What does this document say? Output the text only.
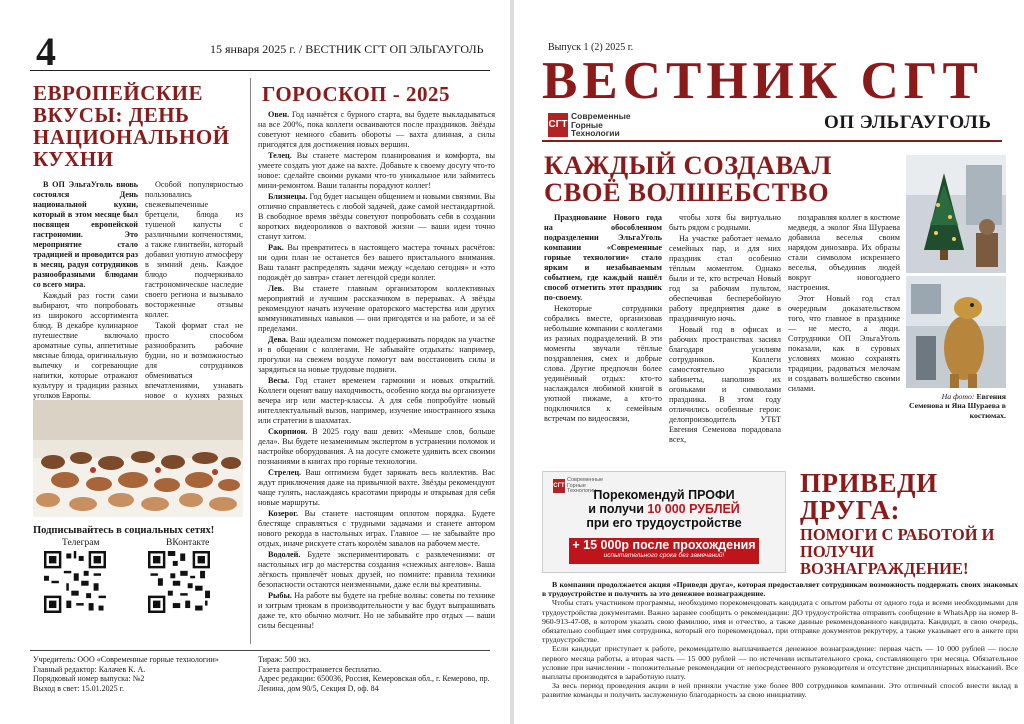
4	15 января 2025 г. / ВЕСТНИК СГТ ОП ЭЛЬГАУГОЛЬ
ЕВРОПЕЙСКИЕ ВКУСЫ: ДЕНЬ НАЦИОНАЛЬНОЙ КУХНИ

В ОП ЭльгаУголь вновь состоялся День национальной кухни, который в этом месяце был посвящен европейской гастрономии. Это мероприятие стало традицией и проводится раз в месяц, радуя сотрудников разнообразными блюдами со всего мира.

Каждый раз гости сами выбирают, что попробовать из широкого ассортимента блюд. В декабре кулинарное путешествие включало ароматные супы, аппетитные мясные блюда, оригинальную выпечку и согревающие напитки, которые отражают культуру и традиции разных уголков Европы.

Особой популярностью пользовались свежевыпеченные бретцели, блюда из тушеной капусты с различными копченостями, а также глинтвейн, который добавил уютную атмосферу в зимний день. Каждое блюдо подчеркивало гастрономическое наследие своего региона и вызывало восторженные отзывы коллег.

Такой формат стал не просто способом разнообразить рабочие будни, но и возможностью для сотрудников обмениваться впечатлениями, узнавать новое о кухнях разных

Подписывайтесь в социальных сетях!
Телеграм	ВКонтакте
ГОРОСКОП - 2025

Овен. Год начнётся с бурного старта, вы будете выкладываться на все 200%, пока коллеги осваиваются после праздников. Звёзды советуют немного сбавить обороты — вахта длинная, а силы пригодятся для достижения новых вершин.

Телец. Вы станете мастером планирования и комфорта, вы умеете создать уют даже на вахте. Добавьте к своему досугу что-то новое: сделайте своими руками что-то уникальное или займитесь мини-ремонтом. Ваши таланты порадуют коллег!

Близнецы. Год будет насыщен общением и новыми связями. Вы отлично справляетесь с любой задачей, даже самой нестандартной. В свободное время звёзды советуют попробовать себя в создании коротких видеороликов о вахтовой жизни — ваши идеи точно станут хитом.

Рак. Вы превратитесь в настоящего мастера точных расчётов: ни один план не останется без вашего пристального внимания. Ваш талант распределять задачи между «сделаю сегодня» и «это подождёт до завтра» станет легендой среди коллег.

Лев. Вы станете главным организатором коллективных мероприятий и лучшим рассказчиком в перерывах. А звёзды рекомендуют начать изучение ораторского мастерства или других коммуникативных навыков — они пригодятся и на работе, и за её пределами.

Дева. Ваш идеализм поможет поддерживать порядок на участке и в общении с коллегами. Не забывайте отдыхать: например, прогулки на свежем воздухе помогут вам восстановить силы и зарядиться на новые трудовые подвиги.

Весы. Год станет временем гармонии и новых открытий. Коллеги оценят вашу находчивость, особенно когда вы организуете вечера игр или мастер-классы. А для себя попробуйте новый интеллектуальный вызов, например, изучение иностранного языка или стратегии в шахматах.

Скорпион. В 2025 году ваш девиз: «Меньше слов, больше дела». Вы будете незаменимым экспертом в устранении поломок и настройке оборудования. А на досуге сможете удивить всех своими познаниями в книгах про горные технологии.

Стрелец. Ваш оптимизм будет заряжать весь коллектив. Вас ждут приключения даже на привычной вахте. Звёзды рекомендуют чаще гулять, наслаждаясь красотами природы и открывая для себя новые маршруты.

Козерог. Вы станете настоящим оплотом порядка. Будете блестяще справляться с трудными задачами и станете автором нового рекорда в настольных играх. Главное — не забывайте про отдых, иначе рискуете стать королём завалов на рабочем месте.

Водолей. Будете экспериментировать с развлечениями: от настольных игр до мастерства создания «снежных ангелов». Ваша лёгкость привлечёт новых друзей, но помните: правила техники безопасности остаются неизменными, даже если вы креативны.

Рыбы. На работе вы будете на гребне волны: советы по технике и хитрым трюкам в производительности у вас будут выпрашивать даже те, кто обычно молчит. Но не забывайте про отдых — ваши силы бесценны!

Учредитель: ООО «Современные горные технологии»
Главный редактор: Калачев К. А.
Порядковый номер выпуска: №2
Выход в свет: 15.01.2025 г.
Тираж: 500 экз.
Газета распространяется бесплатно.
Адрес редакции: 650036, Россия, Кемеровская обл., г. Кемерово, пр. Ленина, дом 90/5, Секция D, оф. 84
Выпуск 1 (2) 2025 г.
ВЕСТНИК СГТ
СГТ
Современные
Горные
Технологии	ОП ЭЛЬГАУГОЛЬ
КАЖДЫЙ СОЗДАВАЛ СВОЁ ВОЛШЕБСТВО

Празднование Нового года на обособленном подразделении ЭльгаУголь компании «Современные горные технологии» стало ярким и незабываемым событием, где каждый нашёл способ отметить этот праздник по-своему.

Некоторые сотрудники собрались вместе, организовав небольшие компании с коллегами из разных подразделений. В эти моменты звучали тёплые поздравления, смех и добрые слова. Другие предпочли более уединённый отдых: кто-то наслаждался любимой книгой в уютной пижаме, а кто-то подключился к семейным встречам по видеосвязи,

чтобы хотя бы виртуально быть рядом с родными.

На участке работает немало семейных пар, и для них праздник стал особенно тёплым моментом. Однако были и те, кто встречал Новый год за рабочим пультом, обеспечивая бесперебойную работу предприятия даже в праздничную ночь.

Новый год в офисах и рабочих пространствах засиял благодаря усилиям сотрудников. Коллеги самостоятельно украсили кабинеты, наполнив их огоньками и символами праздника. В этом году отличились особенные герои: делопроизводитель УТБТ Евгения Семенова порадовала всех,

поздравляя коллег в костюме медведя, а эколог Яна Шураева добавила веселья своим нарядом динозавра. Их образы стали символом искреннего веселья, объединив людей вокруг новогоднего настроения.

Этот Новый год стал очередным доказательством того, что главное в празднике — не место, а люди. Сотрудники ОП ЭльгаУголь показали, как в суровых условиях можно сохранять традиции, радоваться мелочам и создавать волшебство своими силами.

На фото: Евгения Семенова и Яна Шураева в костюмах.
СГТ
Современные
Горные
Технологии
Порекомендуй ПРОФИ
и получи 10 000 РУБЛЕЙ
при его трудоустройстве
+ 15 000р после прохождения
испытательного срока без замечаний!
ПРИВЕДИ ДРУГА:
ПОМОГИ С РАБОТОЙ И ПОЛУЧИ ВОЗНАГРАЖДЕНИЕ!

В компании продолжается акция «Приведи друга», которая предоставляет сотрудникам возможность поддержать своих знакомых в трудоустройстве и получить за это денежное вознаграждение.

Чтобы стать участником программы, необходимо порекомендовать кандидата с опытом работы от одного года и всеми необходимыми для трудоустройства документами. Важно заранее сообщить о рекомендации: ДО трудоустройства отправить сообщение в WhatsApp на номер 8-960-913-47-08, в котором указать свою фамилию, имя и отчество, а также данные рекомендованного кандидата. Кандидат, в свою очередь, обязательно сообщает имя сотрудника, который его порекомендовал, при отправке документов рекрутеру, а также указывает его в анкете при трудоустройстве.

Если кандидат приступает к работе, рекомендателю выплачивается денежное вознаграждение: первая часть — 10 000 рублей — после первого месяца работы, а вторая часть — 15 000 рублей — по истечении испытательного срока, составляющего три месяца. Обязательное условие при начислении - положительные рекомендации от непосредственного руководителя и отсутствие дисциплинарных взысканий. Все выплаты производятся в заработную плату.

За весь период проведения акции в ней приняли участие уже более 800 сотрудников компании. Это отличный способ внести вклад в развитие команды и получить заслуженную благодарность за свою инициативу.
